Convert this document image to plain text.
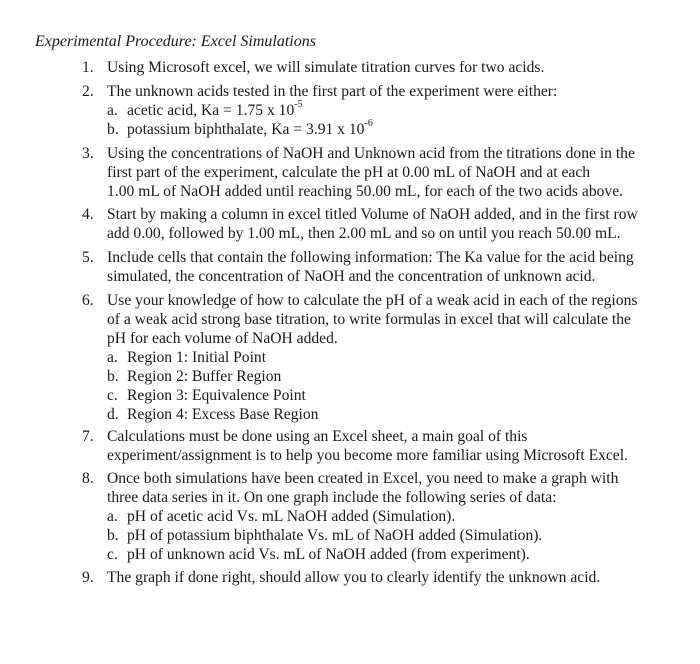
Experimental Procedure: Excel Simulations
1. Using Microsoft excel, we will simulate titration curves for two acids.
2. The unknown acids tested in the first part of the experiment were either:
a. acetic acid, Ka = 1.75 x $10^{-5}$
b. potassium biphthalate, Ka = 3.91 x $10^{-6}$
3. Using the concentrations of NaOH and Unknown acid from the titrations done in the
first part of the experiment, calculate the pH at 0.00 mL of NaOH and at each
1.00 mL of NaOH added until reaching 50.00 mL, for each of the two acids above.
4. Start by making a column in excel titled Volume of NaOH added, and in the first row
add 0.00, followed by 1.00 mL, then 2.00 mL and so on until you reach 50.00 mL.
5. Include cells that contain the following information: The Ka value for the acid being
simulated, the concentration of NaOH and the concentration of unknown acid.
6. Use your knowledge of how to calculate the pH of a weak acid in each of the regions
of a weak acid strong base titration, to write formulas in excel that will calculate the
pH for each volume of NaOH added.
a. Region 1: Initial Point
b. Region 2: Buffer Region
c. Region 3: Equivalence Point
d. Region 4: Excess Base Region
7. Calculations must be done using an Excel sheet, a main goal of this
experiment/assignment is to help you become more familiar using Microsoft Excel.
8. Once both simulations have been created in Excel, you need to make a graph with
three data series in it. On one graph include the following series of data:
a. pH of acetic acid Vs. mL NaOH added (Simulation).
b. pH of potassium biphthalate Vs. mL of NaOH added (Simulation).
c. pH of unknown acid Vs. mL of NaOH added (from experiment).
9. The graph if done right, should allow you to clearly identify the unknown acid.
